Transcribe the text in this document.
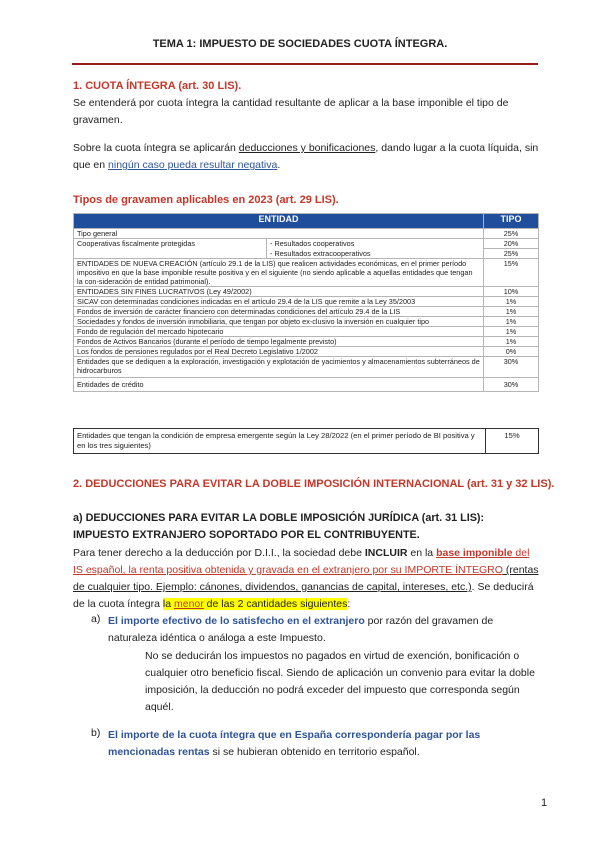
TEMA 1: IMPUESTO DE SOCIEDADES CUOTA ÍNTEGRA.
1. CUOTA ÍNTEGRA (art. 30 LIS).
Se entenderá por cuota íntegra la cantidad resultante de aplicar a la base imponible el tipo de gravamen.
Sobre la cuota íntegra se aplicarán deducciones y bonificaciones, dando lugar a la cuota líquida, sin que en ningún caso pueda resultar negativa.
Tipos de gravamen aplicables en 2023 (art. 29 LIS).
ENTIDAD		TIPO
Tipo general		25%
Cooperativas fiscalmente protegidas	- Resultados cooperativos	20%
	- Resultados extracooperativos	25%
ENTIDADES DE NUEVA CREACIÓN (artículo 29.1 de la LIS) que realicen actividades económicas, en el primer período impositivo en que la base imponible resulte positiva y en el siguiente (no siendo aplicable a aquellas entidades que tengan la con-sideración de entidad patrimonial).		15%
ENTIDADES SIN FINES LUCRATIVOS (Ley 49/2002)		10%
SICAV con determinadas condiciones indicadas en el artículo 29.4 de la LIS que remite a la Ley 35/2003		1%
Fondos de inversión de carácter financiero con determinadas condiciones del artículo 29.4 de la LIS		1%
Sociedades y fondos de inversión inmobiliaria, que tengan por objeto ex-clusivo la inversión en cualquier tipo		1%
Fondo de regulación del mercado hipotecario		1%
Fondos de Activos Bancarios (durante el período de tiempo legalmente previsto)		1%
Los fondos de pensiones regulados por el Real Decreto Legislativo 1/2002		0%
Entidades que se dediquen a la exploración, investigación y explotación de yacimientos y almacenamientos subterráneos de hidrocarburos		30%
Entidades de crédito		30%
Entidades que tengan la condición de empresa emergente según la Ley 28/2022 (en el primer período de BI positiva y en los tres siguientes)	15%
2. DEDUCCIONES PARA EVITAR LA DOBLE IMPOSICIÓN INTERNACIONAL (art. 31 y 32 LIS).
a) DEDUCCIONES PARA EVITAR LA DOBLE IMPOSICIÓN JURÍDICA (art. 31 LIS): IMPUESTO EXTRANJERO SOPORTADO POR EL CONTRIBUYENTE.
Para tener derecho a la deducción por D.I.I., la sociedad debe INCLUIR en la base imponible del IS español, la renta positiva obtenida y gravada en el extranjero por su IMPORTE ÍNTEGRO (rentas de cualquier tipo. Ejemplo: cánones, dividendos, ganancias de capital, intereses, etc.). Se deducirá de la cuota íntegra la menor de las 2 cantidades siguientes:
a) El importe efectivo de lo satisfecho en el extranjero por razón del gravamen de naturaleza idéntica o análoga a este Impuesto.
No se deducirán los impuestos no pagados en virtud de exención, bonificación o cualquier otro beneficio fiscal. Siendo de aplicación un convenio para evitar la doble imposición, la deducción no podrá exceder del impuesto que corresponda según aquél.
b) El importe de la cuota íntegra que en España correspondería pagar por las mencionadas rentas si se hubieran obtenido en territorio español.
1
